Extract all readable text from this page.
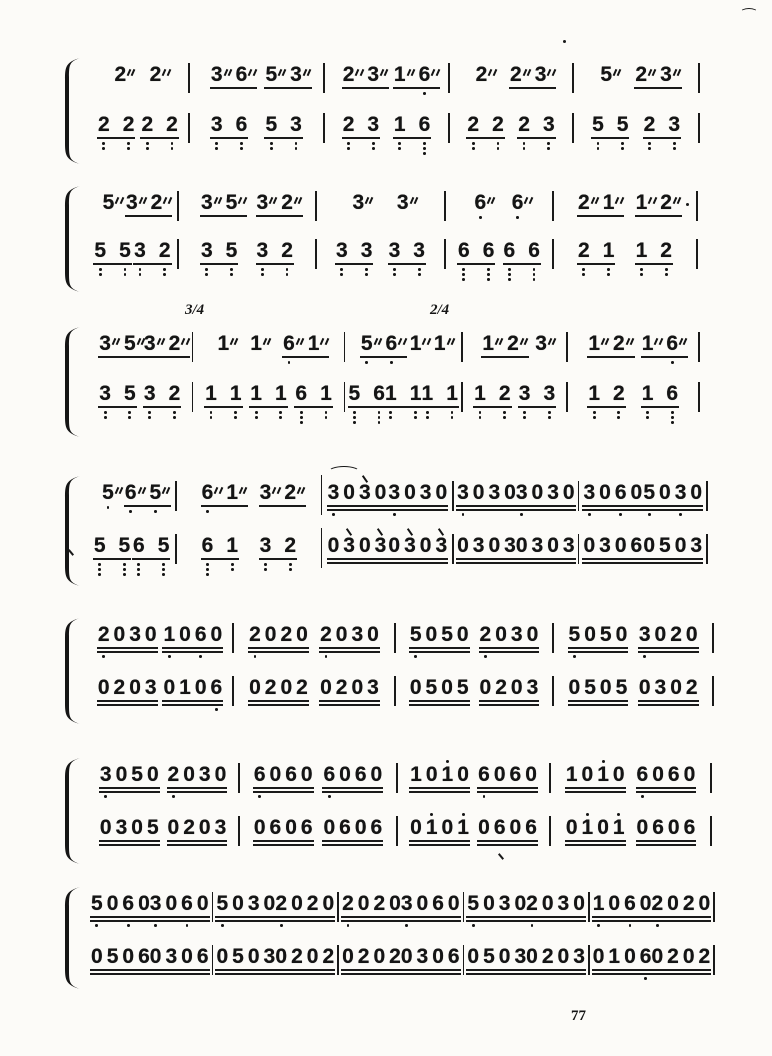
2 2 3 6 5 3 2 3 1 6 2 2 3	5 2 3
2 2 2 2 3 6 5 3 2 3 1 6 2 2 2 3 5 5 2 3
5 3 2 3 5 3 2	3 3	6 6	2 1 1 2
5 5 3 2 3 5 3 2 3 3 3 3 6 6 6 6 2 1 1 2
3/4	2/4
3 5 3 2 1 1 6 1 5 6 1 1 1 2 3 1 2 1 6
3 5 3 2 1 1 1 1 6 1 5 6 1 1 1 1 1 2 3 3 1 2 1 6
5 6 5 6 1 3 2 3 0 3 0 3 0 3 0 3 0 3 0 3 0 3 0 3 0 6 0 5 0 3 0
5 5 6 5 6 1 3 2 0 3 0 3 0 3 0 3 0 3 0 3 0 3 0 3 0 3 0 6 0 5 0 3
2 0 3 0 1 0 6 0 2 0 2 0 2 0 3 0 5 0 5 0 2 0 3 0 5 0 5 0 3 0 2 0
0 2 0 3 0 1 0 6 0 2 0 2 0 2 0 3 0 5 0 5 0 2 0 3 0 5 0 5 0 3 0 2
3 0 5 0 2 0 3 0 6 0 6 0 6 0 6 0 1 0 1 0 6 0 6 0 1 0 1 0 6 0 6 0
0 3 0 5 0 2 0 3 0 6 0 6 0 6 0 6 0 1 0 1 0 6 0 6 0 1 0 1 0 6 0 6
5 0 6 0 3 0 6 0 5 0 3 0 2 0 2 0 2 0 2 0 3 0 6 0 5 0 3 0 2 0 3 0 1 0 6 0 2 0 2 0
0 5 0 6 0 3 0 6 0 5 0 3 0 2 0 2 0 2 0 2 0 3 0 6 0 5 0 3 0 2 0 3 0 1 0 6 0 2 0 2
77
